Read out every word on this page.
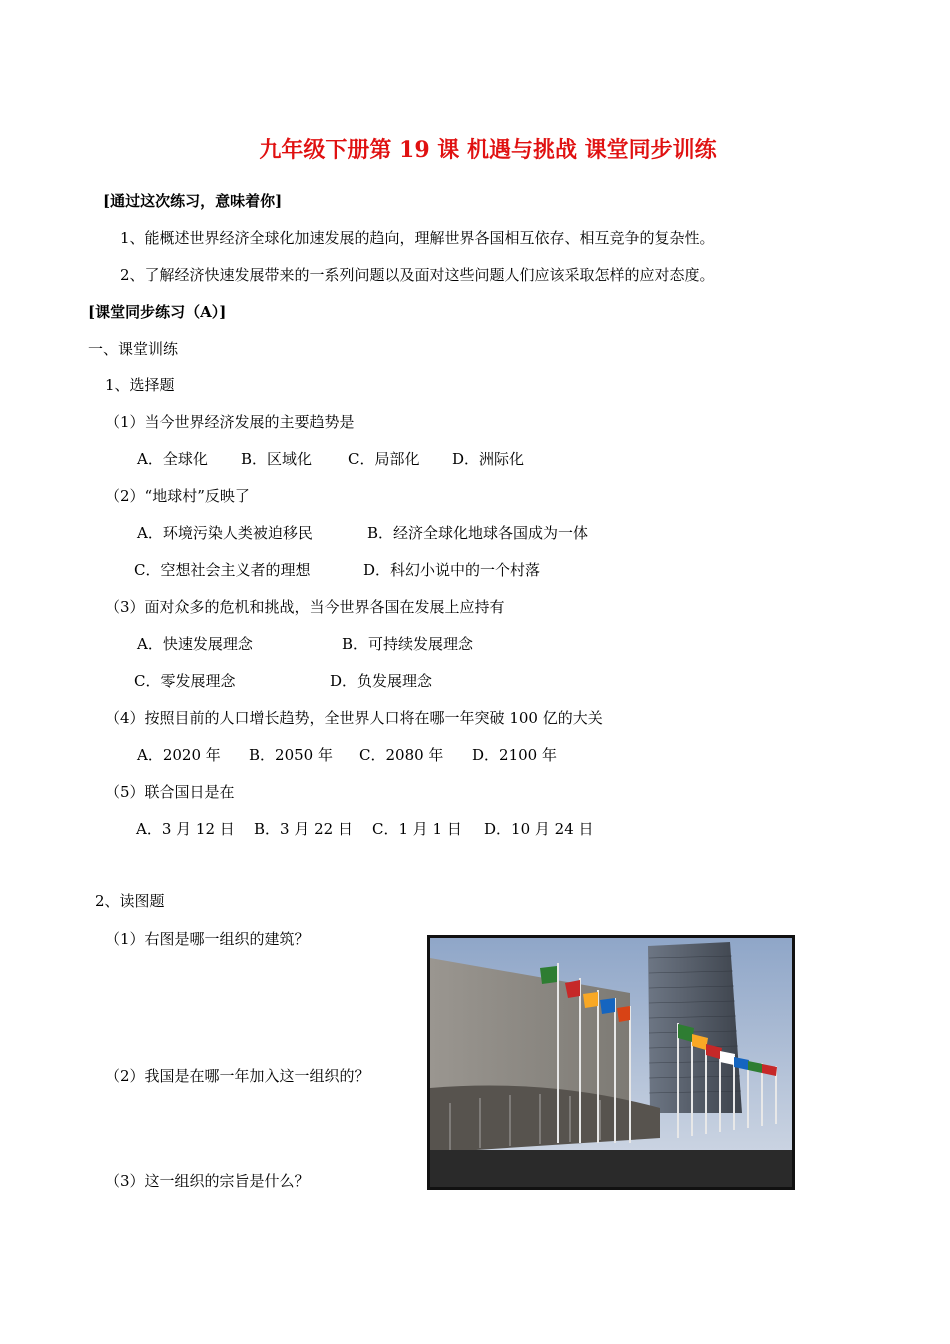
九年级下册第 19 课 机遇与挑战 课堂同步训练
[通过这次练习，意味着你]
1、能概述世界经济全球化加速发展的趋向，理解世界各国相互依存、相互竞争的复杂性。
2、了解经济快速发展带来的一系列问题以及面对这些问题人们应该采取怎样的应对态度。
[课堂同步练习（A）]
一、课堂训练
1、选择题
（1）当今世界经济发展的主要趋势是
A．全球化 B．区域化 C．局部化 D．洲际化
（2）“地球村”反映了
A．环境污染人类被迫移民	B．经济全球化地球各国成为一体
C．空想社会主义者的理想	D．科幻小说中的一个村落
（3）面对众多的危机和挑战，当今世界各国在发展上应持有
A．快速发展理念	B．可持续发展理念
C．零发展理念	D．负发展理念
（4）按照目前的人口增长趋势，全世界人口将在哪一年突破 100 亿的大关
A．2020 年 B．2050 年 C．2080 年 D．2100 年
（5）联合国日是在
A．3 月 12 日 B．3 月 22 日 C．1 月 1 日 D．10 月 24 日
2、读图题
（1）右图是哪一组织的建筑？
（2）我国是在哪一年加入这一组织的？
（3）这一组织的宗旨是什么？
